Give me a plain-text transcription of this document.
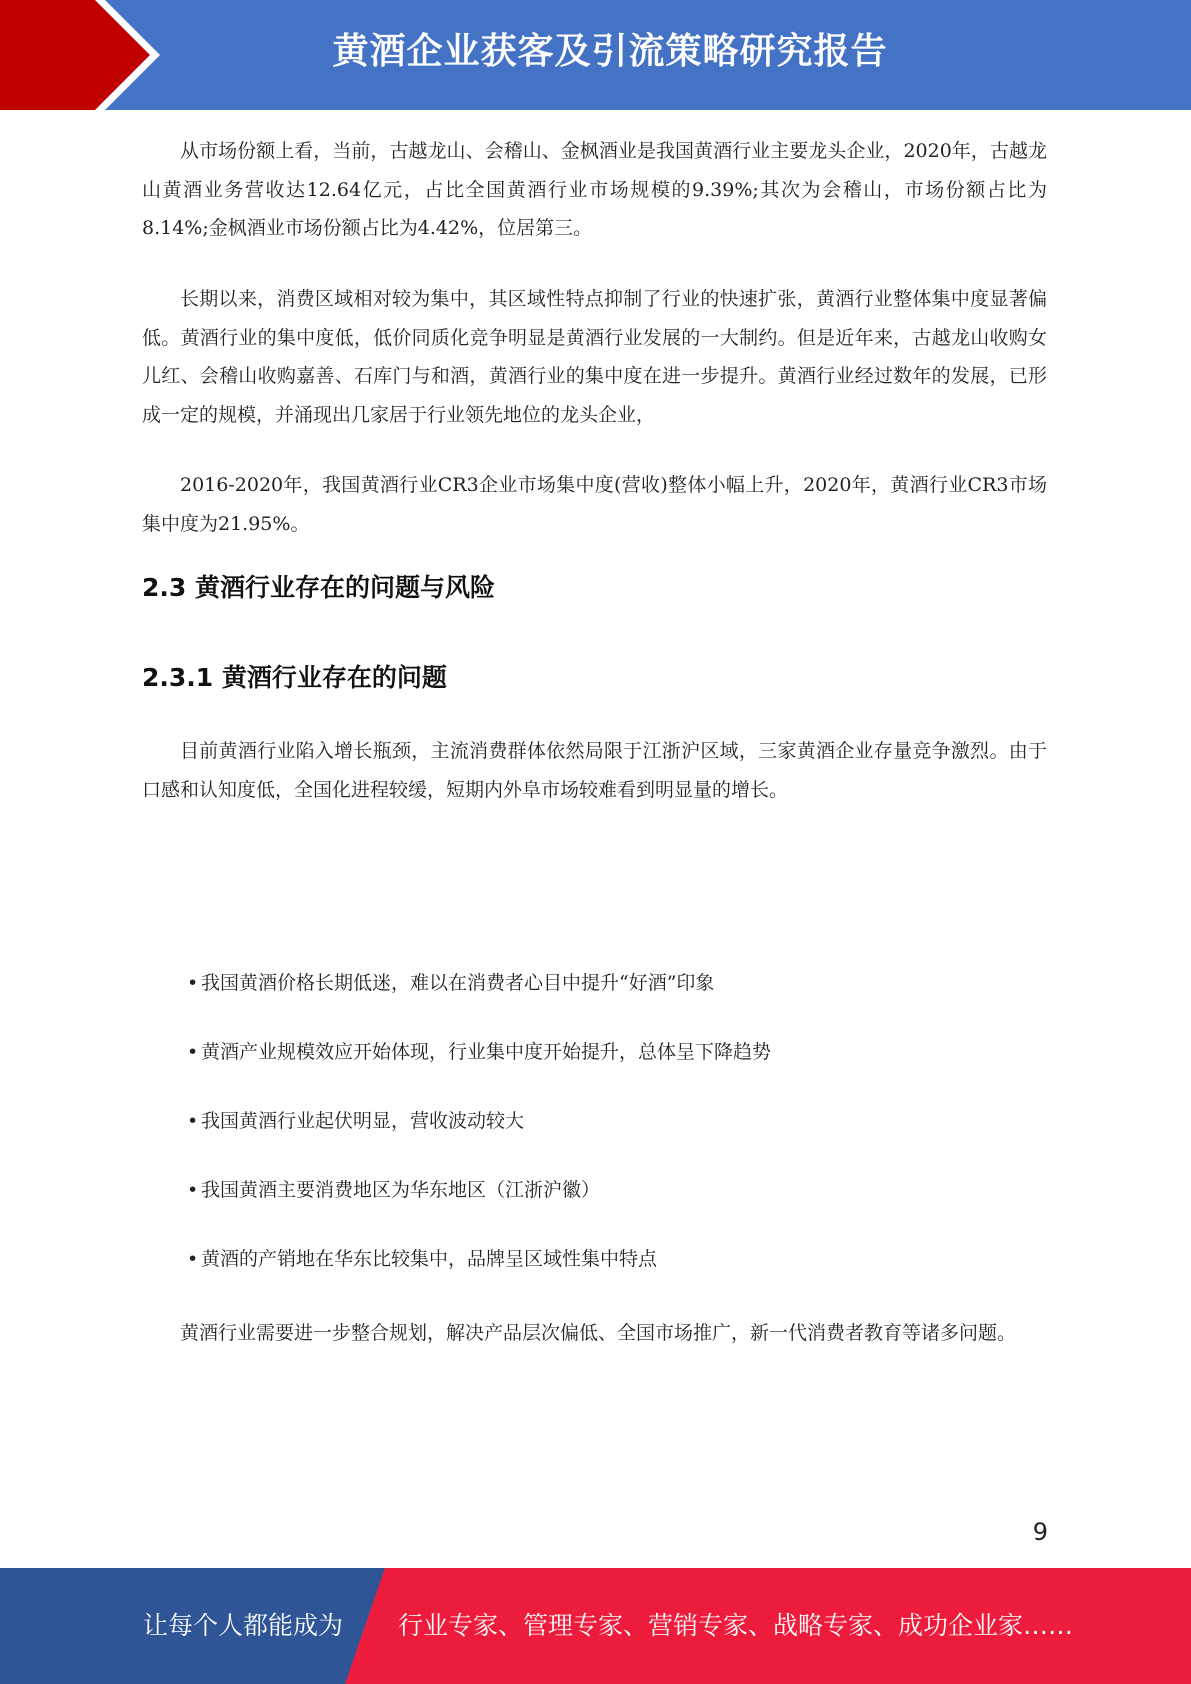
黄酒企业获客及引流策略研究报告

从市场份额上看，当前，古越龙山、会稽山、金枫酒业是我国黄酒行业主要龙头企业，2020年，古越龙山黄酒业务营收达12.64亿元，占比全国黄酒行业市场规模的9.39%;其次为会稽山，市场份额占比为8.14%;金枫酒业市场份额占比为4.42%，位居第三。

长期以来，消费区域相对较为集中，其区域性特点抑制了行业的快速扩张，黄酒行业整体集中度显著偏低。黄酒行业的集中度低，低价同质化竞争明显是黄酒行业发展的一大制约。但是近年来，古越龙山收购女儿红、会稽山收购嘉善、石库门与和酒，黄酒行业的集中度在进一步提升。黄酒行业经过数年的发展，已形成一定的规模，并涌现出几家居于行业领先地位的龙头企业，

2016-2020年，我国黄酒行业CR3企业市场集中度(营收)整体小幅上升，2020年，黄酒行业CR3市场集中度为21.95%。

2.3 黄酒行业存在的问题与风险
2.3.1 黄酒行业存在的问题

目前黄酒行业陷入增长瓶颈，主流消费群体依然局限于江浙沪区域，三家黄酒企业存量竞争激烈。由于口感和认知度低，全国化进程较缓，短期内外阜市场较难看到明显量的增长。

• 我国黄酒价格长期低迷，难以在消费者心目中提升“好酒”印象
• 黄酒产业规模效应开始体现，行业集中度开始提升，总体呈下降趋势
• 我国黄酒行业起伏明显，营收波动较大
• 我国黄酒主要消费地区为华东地区（江浙沪徽）
• 黄酒的产销地在华东比较集中，品牌呈区域性集中特点

黄酒行业需要进一步整合规划，解决产品层次偏低、全国市场推广，新一代消费者教育等诸多问题。

9
让每个人都能成为 行业专家、管理专家、营销专家、战略专家、成功企业家……
